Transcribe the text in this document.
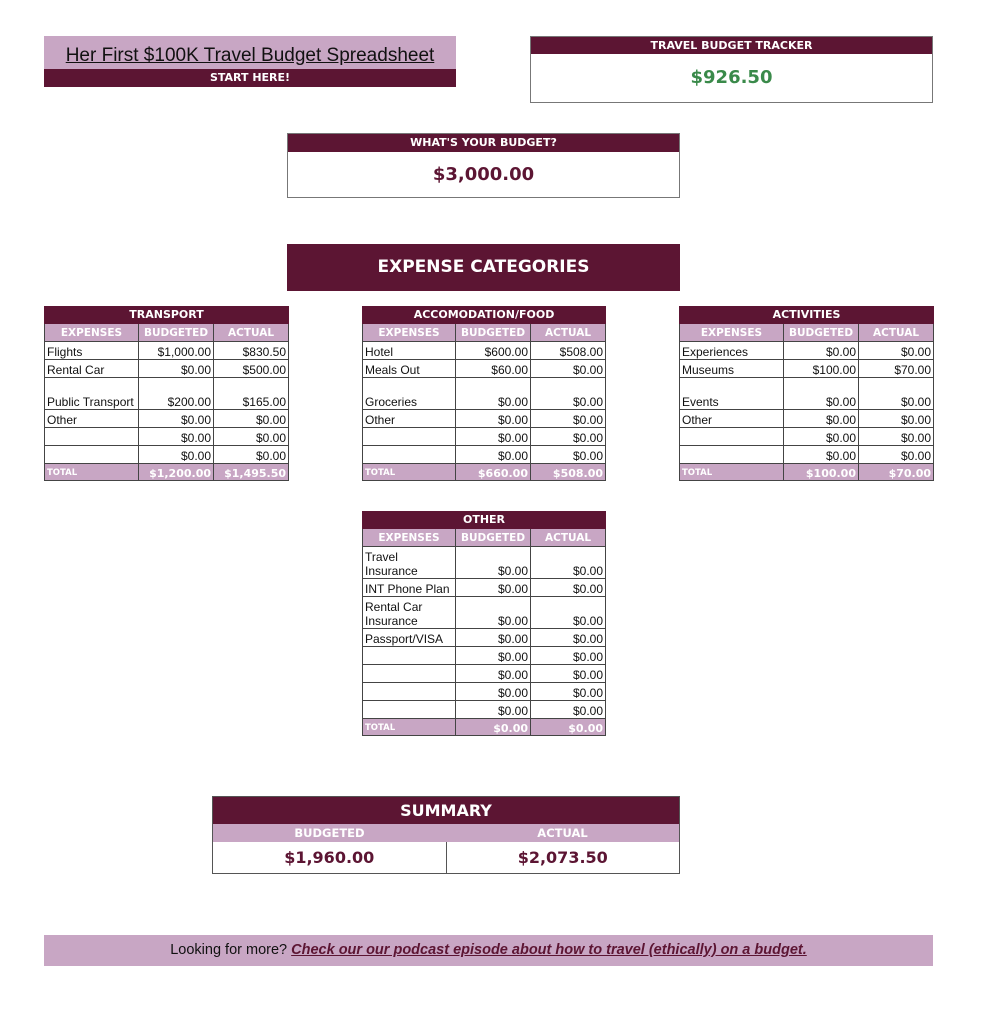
Her First $100K Travel Budget Spreadsheet
START HERE!
TRAVEL BUDGET TRACKER
$926.50
WHAT'S YOUR BUDGET?
$3,000.00
EXPENSE CATEGORIES
TRANSPORT		
EXPENSES	BUDGETED	ACTUAL
Flights	$1,000.00	$830.50
Rental Car	$0.00	$500.00
Public Transport	$200.00	$165.00
Other	$0.00	$0.00
	$0.00	$0.00
	$0.00	$0.00
TOTAL	$1,200.00	$1,495.50
ACCOMODATION/FOOD		
EXPENSES	BUDGETED	ACTUAL
Hotel	$600.00	$508.00
Meals Out	$60.00	$0.00
Groceries	$0.00	$0.00
Other	$0.00	$0.00
	$0.00	$0.00
	$0.00	$0.00
TOTAL	$660.00	$508.00
ACTIVITIES		
EXPENSES	BUDGETED	ACTUAL
Experiences	$0.00	$0.00
Museums	$100.00	$70.00
Events	$0.00	$0.00
Other	$0.00	$0.00
	$0.00	$0.00
	$0.00	$0.00
TOTAL	$100.00	$70.00
OTHER		
EXPENSES	BUDGETED	ACTUAL
Travel Insurance	$0.00	$0.00
INT Phone Plan	$0.00	$0.00
Rental Car Insurance	$0.00	$0.00
Passport/VISA	$0.00	$0.00
	$0.00	$0.00
	$0.00	$0.00
	$0.00	$0.00
	$0.00	$0.00
TOTAL	$0.00	$0.00
SUMMARY
BUDGETED	ACTUAL
$1,960.00	$2,073.50
Looking for more? Check our our podcast episode about how to travel (ethically) on a budget.
